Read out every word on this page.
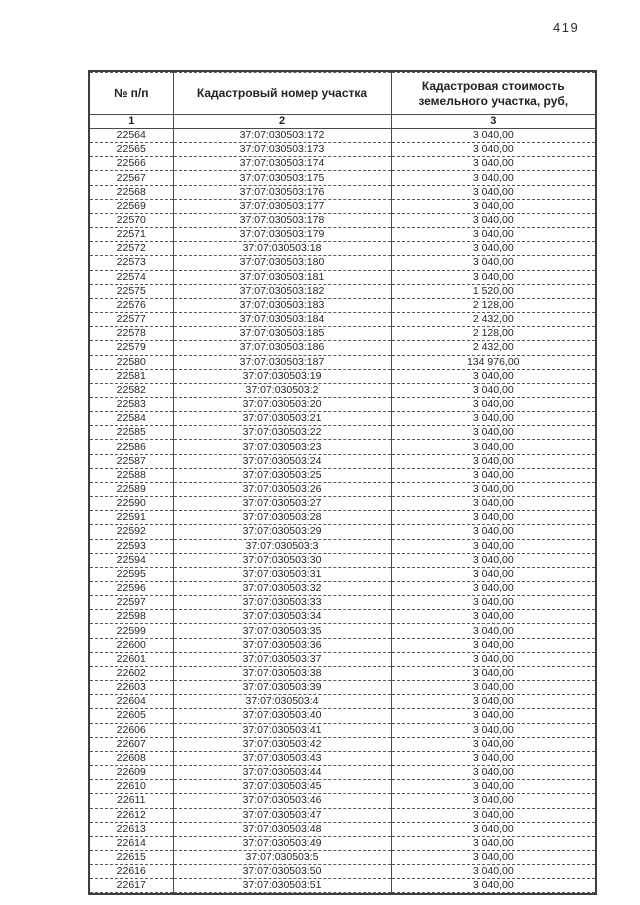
419
№ п/п	Кадастровый номер участка	Кадастровая стоимость земельного участка, руб,
1	2	3
22564	37:07:030503:172	3 040,00
22565	37:07:030503:173	3 040,00
22566	37:07:030503:174	3 040,00
22567	37:07:030503:175	3 040,00
22568	37:07:030503:176	3 040,00
22569	37:07:030503:177	3 040,00
22570	37:07:030503:178	3 040,00
22571	37:07:030503:179	3 040,00
22572	37:07:030503:18	3 040,00
22573	37:07:030503:180	3 040,00
22574	37:07:030503:181	3 040,00
22575	37:07:030503:182	1 520,00
22576	37:07:030503:183	2 128,00
22577	37:07:030503:184	2 432,00
22578	37:07:030503:185	2 128,00
22579	37:07:030503:186	2 432,00
22580	37:07:030503:187	134 976,00
22581	37:07:030503:19	3 040,00
22582	37:07:030503:2	3 040,00
22583	37:07:030503:20	3 040,00
22584	37:07:030503:21	3 040,00
22585	37:07:030503:22	3 040,00
22586	37:07:030503:23	3 040,00
22587	37:07:030503:24	3 040,00
22588	37:07:030503:25	3 040,00
22589	37:07:030503:26	3 040,00
22590	37:07:030503:27	3 040,00
22591	37:07:030503:28	3 040,00
22592	37:07:030503:29	3 040,00
22593	37:07:030503:3	3 040,00
22594	37:07:030503:30	3 040,00
22595	37:07:030503:31	3 040,00
22596	37:07:030503:32	3 040,00
22597	37:07:030503:33	3 040,00
22598	37:07:030503:34	3 040,00
22599	37:07:030503:35	3 040,00
22600	37:07:030503:36	3 040,00
22601	37:07:030503:37	3 040,00
22602	37:07:030503:38	3 040,00
22603	37:07:030503:39	3 040,00
22604	37:07:030503:4	3 040,00
22605	37:07:030503:40	3 040,00
22606	37:07:030503:41	3 040,00
22607	37:07:030503:42	3 040,00
22608	37:07:030503:43	3 040,00
22609	37:07:030503:44	3 040,00
22610	37:07:030503:45	3 040,00
22611	37:07:030503:46	3 040,00
22612	37:07:030503:47	3 040,00
22613	37:07:030503:48	3 040,00
22614	37:07:030503:49	3 040,00
22615	37:07:030503:5	3 040,00
22616	37:07:030503:50	3 040,00
22617	37:07:030503:51	3 040,00
